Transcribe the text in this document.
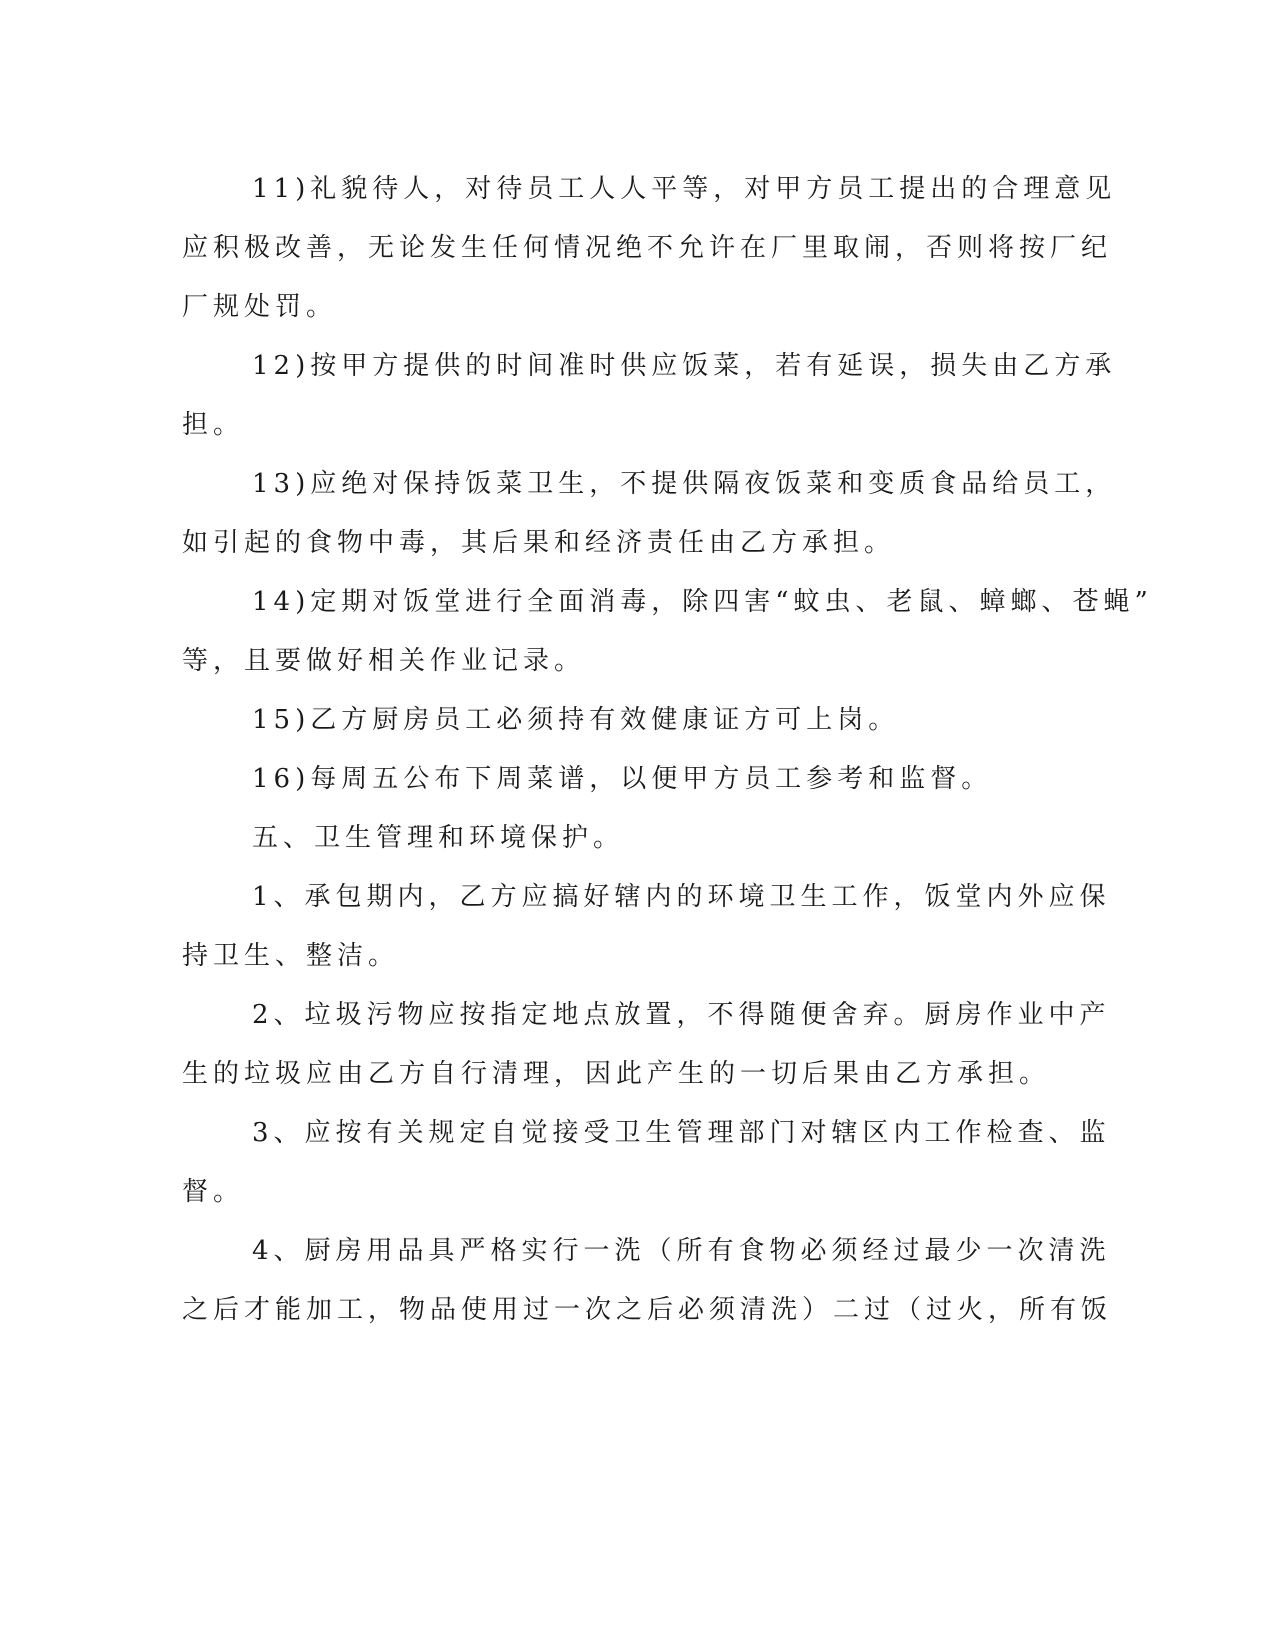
11)礼貌待人，对待员工人人平等，对甲方员工提出的合理意见
应积极改善，无论发生任何情况绝不允许在厂里取闹，否则将按厂纪
厂规处罚。
12)按甲方提供的时间准时供应饭菜，若有延误，损失由乙方承
担。
13)应绝对保持饭菜卫生，不提供隔夜饭菜和变质食品给员工，
如引起的食物中毒，其后果和经济责任由乙方承担。
14)定期对饭堂进行全面消毒，除四害“蚊虫、老鼠、蟑螂、苍蝇”
等，且要做好相关作业记录。
15)乙方厨房员工必须持有效健康证方可上岗。
16)每周五公布下周菜谱，以便甲方员工参考和监督。
五、卫生管理和环境保护。
1、承包期内，乙方应搞好辖内的环境卫生工作，饭堂内外应保
持卫生、整洁。
2、垃圾污物应按指定地点放置，不得随便舍弃。厨房作业中产
生的垃圾应由乙方自行清理，因此产生的一切后果由乙方承担。
3、应按有关规定自觉接受卫生管理部门对辖区内工作检查、监
督。
4、厨房用品具严格实行一洗（所有食物必须经过最少一次清洗
之后才能加工，物品使用过一次之后必须清洗）二过（过火，所有饭
